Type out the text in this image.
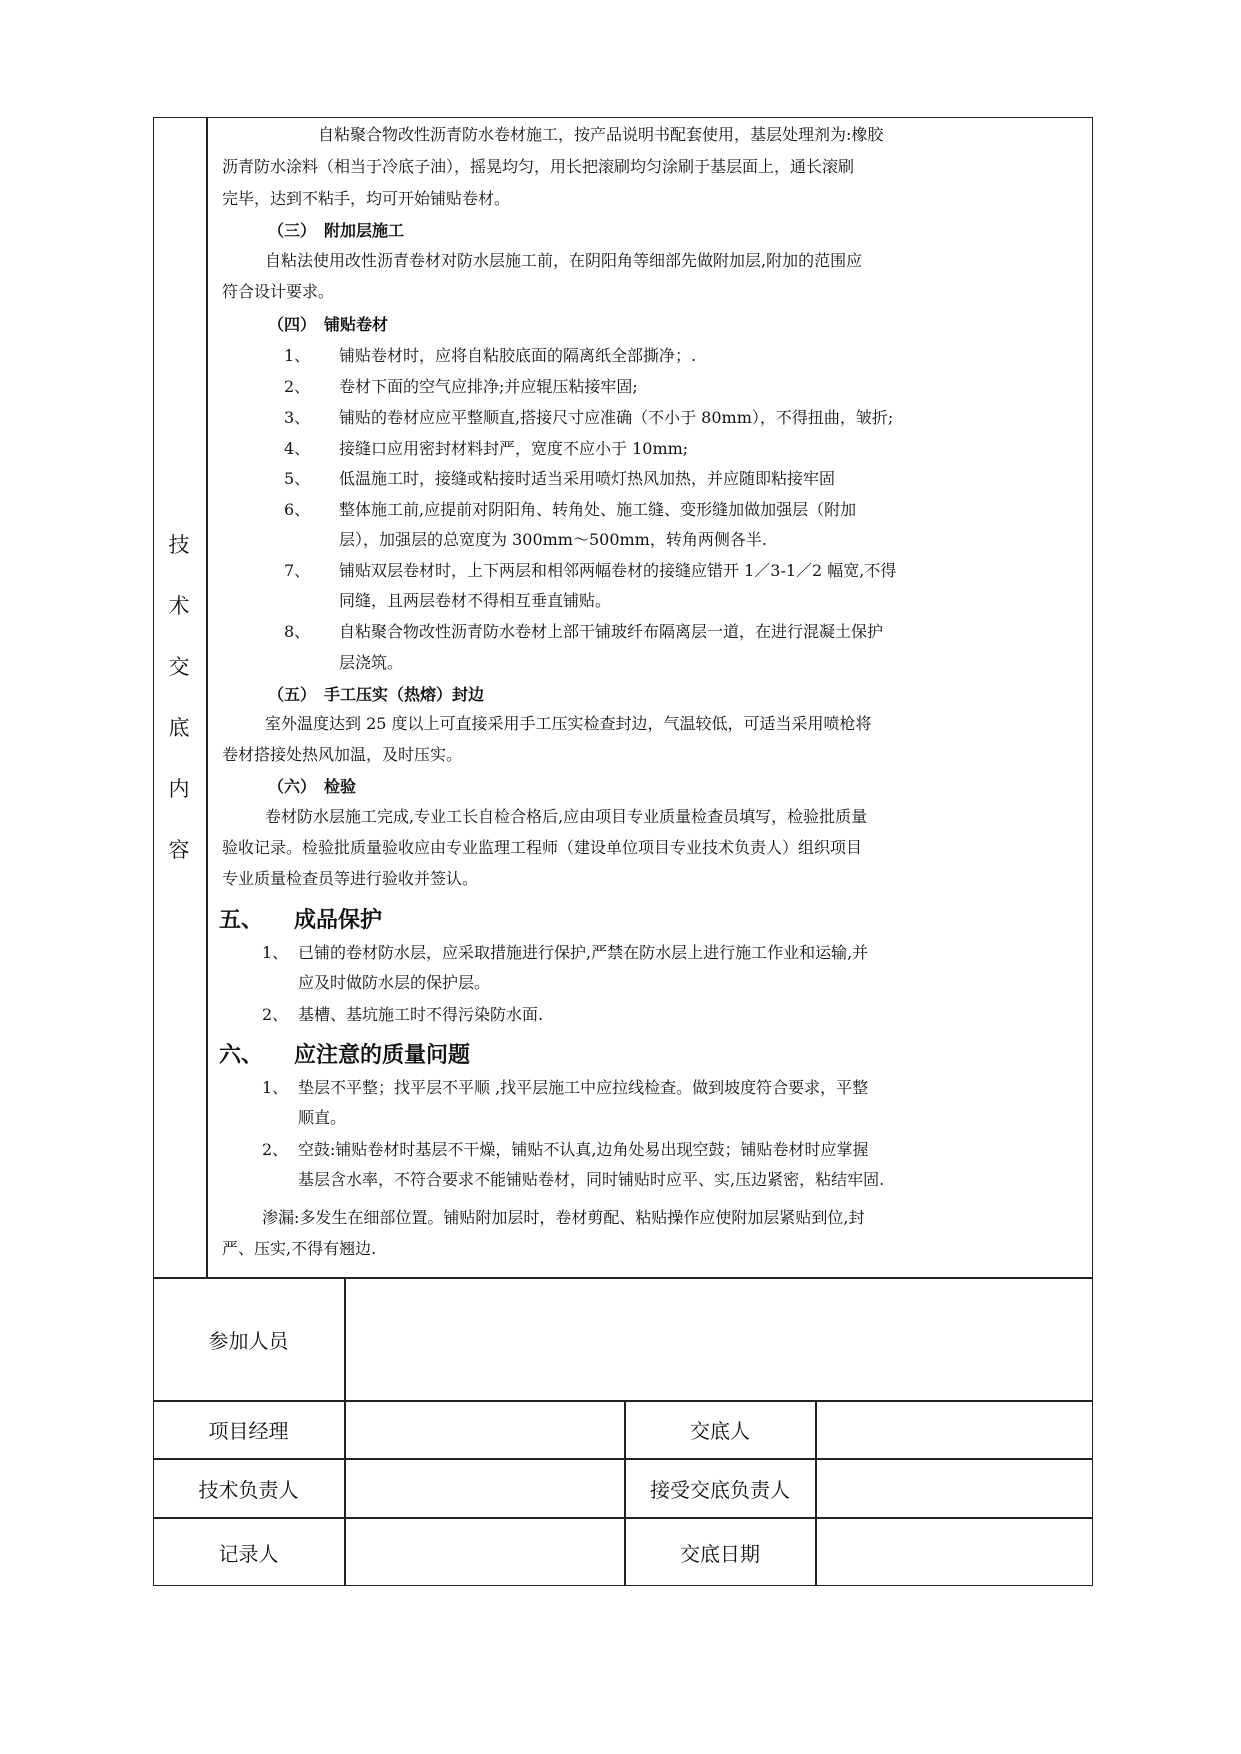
技
术
交
底
内
容
自粘聚合物改性沥青防水卷材施工，按产品说明书配套使用，基层处理剂为:橡胶
沥青防水涂料（相当于冷底子油），摇晃均匀，用长把滚刷均匀涂刷于基层面上，通长滚刷
完毕，达到不粘手，均可开始铺贴卷材。
（三）　附加层施工
自粘法使用改性沥青卷材对防水层施工前，在阴阳角等细部先做附加层,附加的范围应
符合设计要求。
（四）　铺贴卷材
1、 铺贴卷材时，应将自粘胶底面的隔离纸全部撕净；.
2、 卷材下面的空气应排净;并应辊压粘接牢固;
3、 铺贴的卷材应应平整顺直,搭接尺寸应准确（不小于 80mm），不得扭曲，皱折;
4、 接缝口应用密封材料封严，宽度不应小于 10mm;
5、 低温施工时，接缝或粘接时适当采用喷灯热风加热，并应随即粘接牢固
6、 整体施工前,应提前对阴阳角、转角处、施工缝、变形缝加做加强层（附加
层），加强层的总宽度为 300mm～500mm，转角两侧各半.
7、 铺贴双层卷材时，上下两层和相邻两幅卷材的接缝应错开 1／3-1／2 幅宽,不得
同缝，且两层卷材不得相互垂直铺贴。
8、 自粘聚合物改性沥青防水卷材上部干铺玻纤布隔离层一道，在进行混凝土保护
层浇筑。
（五）　手工压实（热熔）封边
室外温度达到 25 度以上可直接采用手工压实检查封边，气温较低，可适当采用喷枪将
卷材搭接处热风加温，及时压实。
（六）　检验
卷材防水层施工完成,专业工长自检合格后,应由项目专业质量检查员填写，检验批质量
验收记录。检验批质量验收应由专业监理工程师（建设单位项目专业技术负责人）组织项目
专业质量检查员等进行验收并签认。
五、 成品保护
1、 已铺的卷材防水层，应采取措施进行保护,严禁在防水层上进行施工作业和运输,并
应及时做防水层的保护层。
2、 基槽、基坑施工时不得污染防水面.
六、 应注意的质量问题
1、 垫层不平整；找平层不平顺 ,找平层施工中应拉线检查。做到坡度符合要求，平整
顺直。
2、 空鼓:铺贴卷材时基层不干燥，铺贴不认真,边角处易出现空鼓；铺贴卷材时应掌握
基层含水率，不符合要求不能铺贴卷材，同时铺贴时应平、实,压边紧密，粘结牢固.
渗漏:多发生在细部位置。铺贴附加层时，卷材剪配、粘贴操作应使附加层紧贴到位,封
严、压实,不得有翘边.
参加人员
项目经理	交底人
技术负责人	接受交底负责人
记录人	交底日期
